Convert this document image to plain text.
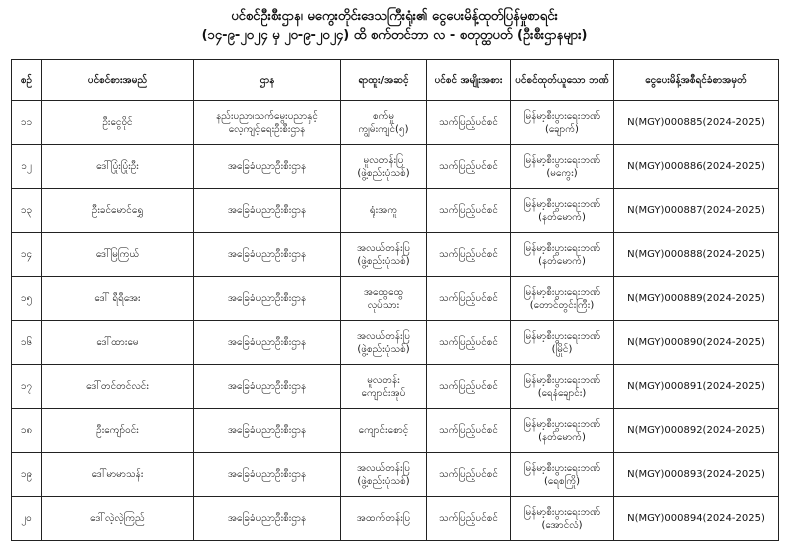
ပင်စင်ဦးစီးဌာန၊ မကွေးတိုင်းဒေသကြီးရုံး၏ ငွေပေးမိန့်ထုတ်ပြန်မှုစာရင်း
(၁၄-၉-၂၀၂၄ မှ ၂၀-၉-၂၀၂၄) ထိ စက်တင်ဘာ လ - စတုတ္ထပတ် (ဦးစီးဌာနများ)
စဉ်	ပင်စင်စားအမည်	ဌာန	ရာထူး/အဆင့်	ပင်စင် အမျိုးအစား	ပင်စင်ထုတ်ယူသော ဘဏ်	ငွေပေးမိန့်အစီရင်ခံစာအမှတ်

၁၁	ဦးငွေဝိုင်	နည်းပညာ၊သက်မွေးပညာနှင့်
လေ့ကျင့်ရေးဦးစီးဌာန	စက်မှု
ကျွမ်းကျင်(၅)	သက်ပြည့်ပင်စင်	မြန်မာ့စီးပွားရေးဘဏ်
(ချောက်)	N(MGY)000885(2024-2025)

၁၂	ဒေါ်ပြုံးပြုံးဦး	အခြေခံပညာဦးစီးဌာန	မူလတန်းပြ
(ဖွဲ့စည်းပုံသစ်)	သက်ပြည့်ပင်စင်	မြန်မာ့စီးပွားရေးဘဏ်
(မကွေး)	N(MGY)000886(2024-2025)

၁၃	ဦးခင်မောင်ရွှေ	အခြေခံပညာဦးစီးဌာန	ရုံးအကူ	သက်ပြည့်ပင်စင်	မြန်မာ့စီးပွားရေးဘဏ်
(နတ်မောက်)	N(MGY)000887(2024-2025)

၁၄	ဒေါ်မြကြယ်	အခြေခံပညာဦးစီးဌာန	အလယ်တန်းပြ
(ဖွဲ့စည်းပုံသစ်)	သက်ပြည့်ပင်စင်	မြန်မာ့စီးပွားရေးဘဏ်
(နတ်မောက်)	N(MGY)000888(2024-2025)

၁၅	ဒေါ် ရီရီအေး	အခြေခံပညာဦးစီးဌာန	အထွေထွေ
လုပ်သား	သက်ပြည့်ပင်စင်	မြန်မာ့စီးပွားရေးဘဏ်
(တောင်တွင်းကြီး)	N(MGY)000889(2024-2025)

၁၆	ဒေါ်ထားမေ	အခြေခံပညာဦးစီးဌာန	အလယ်တန်းပြ
(ဖွဲ့စည်းပုံသစ်)	သက်ပြည့်ပင်စင်	မြန်မာ့စီးပွားရေးဘဏ်
(မြိုင်)	N(MGY)000890(2024-2025)

၁၇	ဒေါ်တင်တင်လင်း	အခြေခံပညာဦးစီးဌာန	မူလတန်း
ကျောင်းအုပ်	သက်ပြည့်ပင်စင်	မြန်မာ့စီးပွားရေးဘဏ်
(ရေနံချောင်း)	N(MGY)000891(2024-2025)

၁၈	ဦးကျော်ဝင်း	အခြေခံပညာဦးစီးဌာန	ကျောင်းစောင့်	သက်ပြည့်ပင်စင်	မြန်မာ့စီးပွားရေးဘဏ်
(နတ်မောက်)	N(MGY)000892(2024-2025)

၁၉	ဒေါ်မာမာသန်း	အခြေခံပညာဦးစီးဌာန	အလယ်တန်းပြ
(ဖွဲ့စည်းပုံသစ်)	သက်ပြည့်ပင်စင်	မြန်မာ့စီးပွားရေးဘဏ်
(ရေစကြို)	N(MGY)000893(2024-2025)

၂၀	ဒေါ်လဲ့လဲ့ကြည်	အခြေခံပညာဦးစီးဌာန	အထက်တန်းပြ	သက်ပြည့်ပင်စင်	မြန်မာ့စီးပွားရေးဘဏ်
(အောင်လံ)	N(MGY)000894(2024-2025)
